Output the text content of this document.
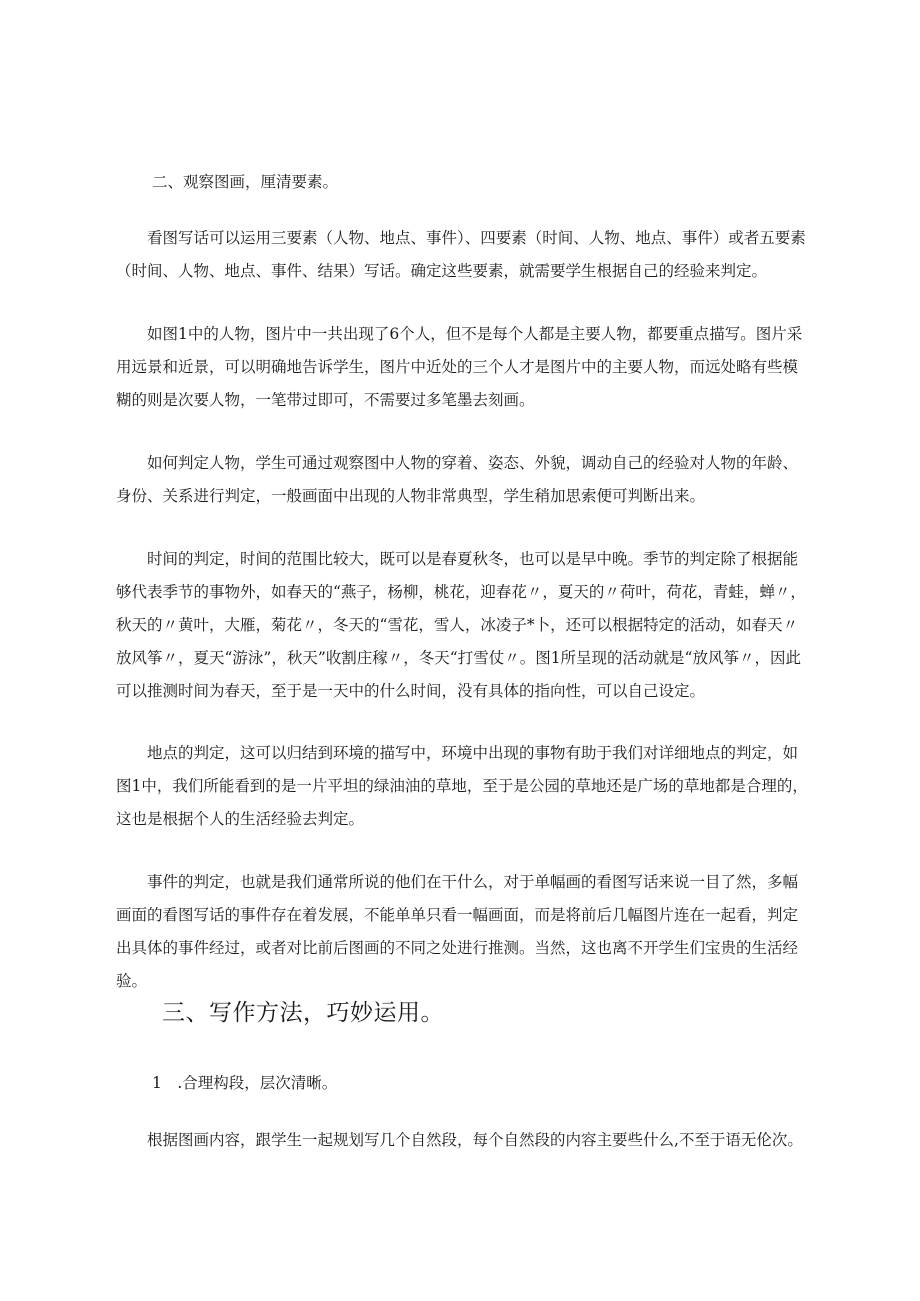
二、观察图画，厘清要素。

看图写话可以运用三要素（人物、地点、事件）、四要素（时间、人物、地点、事件）或者五要素（时间、人物、地点、事件、结果）写话。确定这些要素，就需要学生根据自己的经验来判定。

如图1中的人物，图片中一共出现了6个人，但不是每个人都是主要人物，都要重点描写。图片采用远景和近景，可以明确地告诉学生，图片中近处的三个人才是图片中的主要人物，而远处略有些模糊的则是次要人物，一笔带过即可，不需要过多笔墨去刻画。

如何判定人物，学生可通过观察图中人物的穿着、姿态、外貌，调动自己的经验对人物的年龄、身份、关系进行判定，一般画面中出现的人物非常典型，学生稍加思索便可判断出来。

时间的判定，时间的范围比较大，既可以是春夏秋冬，也可以是早中晚。季节的判定除了根据能够代表季节的事物外，如春天的“燕子，杨柳，桃花，迎春花〃，夏天的〃荷叶，荷花，青蛙，蝉〃，秋天的〃黄叶，大雁，菊花〃，冬天的“雪花，雪人，冰凌子*卜，还可以根据特定的活动，如春天〃放风筝〃，夏天“游泳”，秋天”收割庄稼〃，冬天“打雪仗〃。图1所呈现的活动就是“放风筝〃，因此可以推测时间为春天，至于是一天中的什么时间，没有具体的指向性，可以自己设定。

地点的判定，这可以归结到环境的描写中，环境中出现的事物有助于我们对详细地点的判定，如图1中，我们所能看到的是一片平坦的绿油油的草地，至于是公园的草地还是广场的草地都是合理的，这也是根据个人的生活经验去判定。

事件的判定，也就是我们通常所说的他们在干什么，对于单幅画的看图写话来说一目了然，多幅画面的看图写话的事件存在着发展，不能单单只看一幅画面，而是将前后几幅图片连在一起看，判定出具体的事件经过，或者对比前后图画的不同之处进行推测。当然，这也离不开学生们宝贵的生活经验。

三、写作方法，巧妙运用。

1　.合理构段，层次清晰。

根据图画内容，跟学生一起规划写几个自然段，每个自然段的内容主要些什么,不至于语无伦次。
